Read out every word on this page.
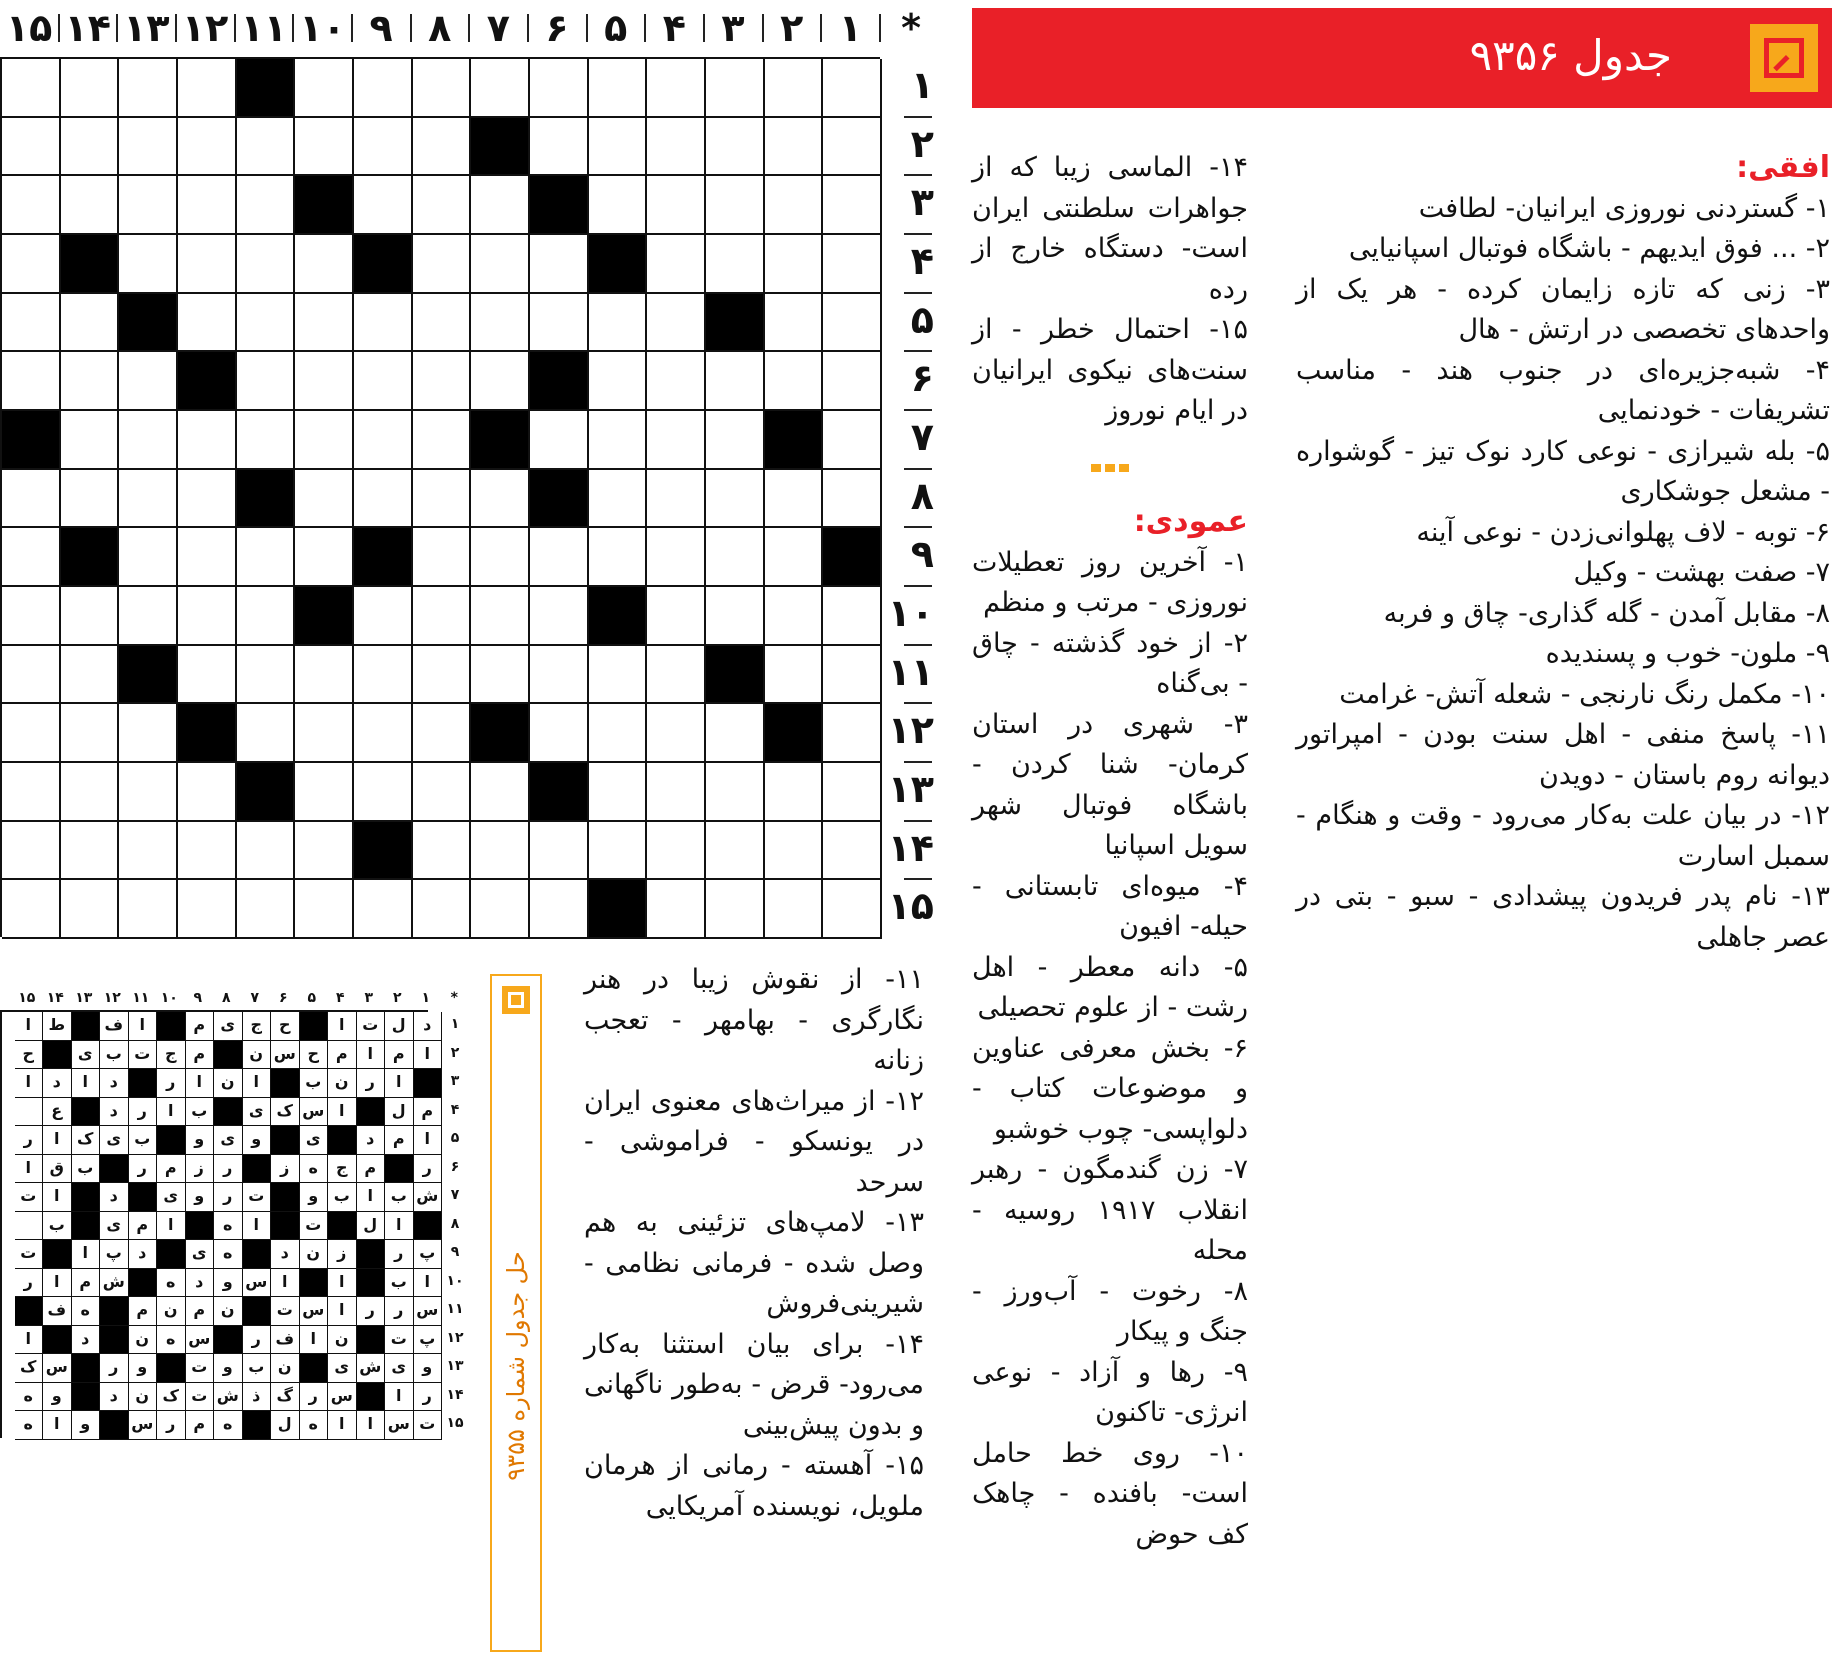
*
۱
۲
۳
۴
۵
۶
۷
۸
۹
۱۰
۱۱
۱۲
۱۳
۱۴
۱۵
۱
۲
۳
۴
۵
۶
۷
۸
۹
۱۰
۱۱
۱۲
۱۳
۱۴
۱۵
جدول ۹۳۵۶

افقی:

۱- گستردنی نوروزی ایرانیان- لطافت

۲- ... فوق ایدیهم - باشگاه فوتبال اسپانیایی

۳- زنی که تازه زایمان کرده - هر یک از واحدهای تخصصی در ارتش - هال

۴- شبه‌جزیره‌ای در جنوب هند - مناسب تشریفات - خودنمایی

۵- بله شیرازی - نوعی کارد نوک تیز - گوشواره - مشعل جوشکاری

۶- توبه - لاف پهلوانی‌زدن - نوعی آینه

۷- صفت بهشت - وکیل

۸- مقابل آمدن - گله گذاری- چاق و فربه

۹- ملون- خوب و پسندیده

۱۰- مکمل رنگ نارنجی - شعله آتش- غرامت

۱۱- پاسخ منفی - اهل سنت بودن - امپراتور دیوانه روم باستان - دویدن

۱۲- در بیان علت به‌کار می‌رود - وقت و هنگام - سمبل اسارت

۱۳- نام پدر فریدون پیشدادی - سبو - بتی در عصر جاهلی

۱۴- الماسی زیبا که از جواهرات سلطنتی ایران است- دستگاه خارج از رده

۱۵- احتمال خطر - از سنت‌های نیکوی ایرانیان در ایام نوروز

عمودی:

۱- آخرین روز تعطیلات نوروزی - مرتب و منظم

۲- از خود گذشته - چاق - بی‌گناه

۳- شهری در استان کرمان- شنا کردن - باشگاه فوتبال شهر سویل اسپانیا

۴- میوه‌ای تابستانی - حیله- افیون

۵- دانه معطر - اهل رشت - از علوم تحصیلی

۶- بخش معرفی عناوین و موضوعات کتاب - دلواپسی- چوب خوشبو

۷- زن گندمگون - رهبر انقلاب ۱۹۱۷ روسیه - محله

۸- رخوت - آب‌ورز - جنگ و پیکار

۹- رها و آزاد - نوعی انرژی- تاکنون

۱۰- روی خط حامل است- بافنده - چاهک کف حوض

۱۱- از نقوش زیبا در هنر نگارگری - بهامهر - تعجب زنانه

۱۲- از میراث‌های معنوی ایران در یونسکو - فراموشی - سرحد

۱۳- لامپ‌های تزئینی به هم وصل شده - فرمانی نظامی - شیرینی‌فروش

۱۴- برای بیان استثنا به‌کار می‌رود- قرض - به‌طور ناگهانی و بدون پیش‌بینی

۱۵- آهسته - رمانی از هرمان ملویل، نویسنده آمریکایی

حل جدول شماره ۹۳۵۵
*
۱
۲
۳
۴
۵
۶
۷
۸
۹
۱۰
۱۱
۱۲
۱۳
۱۴
۱۵
د
ل
ت
ا
ح
ج
ی
م
ا
ف
ط
ا
ا
م
ا
م
ح
س
ن
م
ج
ت
ب
ی
ح
ا
ر
ن
ب
ا
ن
ا
ر
د
ا
د
ا
م
ل
ا
س
ک
ی
ب
ا
ر
د
ع
ا
م
د
ی
و
ی
و
ب
ی
ک
ا
ر
ر
م
ج
ه
ز
ر
ز
م
ر
ب
ق
ا
ش
ب
ا
ب
و
ت
ر
و
ی
د
ا
ت
ا
ل
ت
ا
ه
ا
م
ی
ب
پ
ر
ز
ن
د
ه
ی
د
پ
ا
ت
ا
ب
ا
ا
س
و
د
ه
ش
م
ا
ر
س
ر
ر
ا
س
ت
ن
م
ن
م
ه
ف
پ
ت
ن
ا
ف
ر
س
ه
ن
د
ا
و
ی
ش
ی
ن
ب
و
ت
و
ر
س
ک
ر
ا
س
ر
گ
ذ
ش
ت
ک
ن
د
و
ه
ت
س
ا
ا
ه
ل
ه
م
ر
س
و
ا
ه
۱
۲
۳
۴
۵
۶
۷
۸
۹
۱۰
۱۱
۱۲
۱۳
۱۴
۱۵
